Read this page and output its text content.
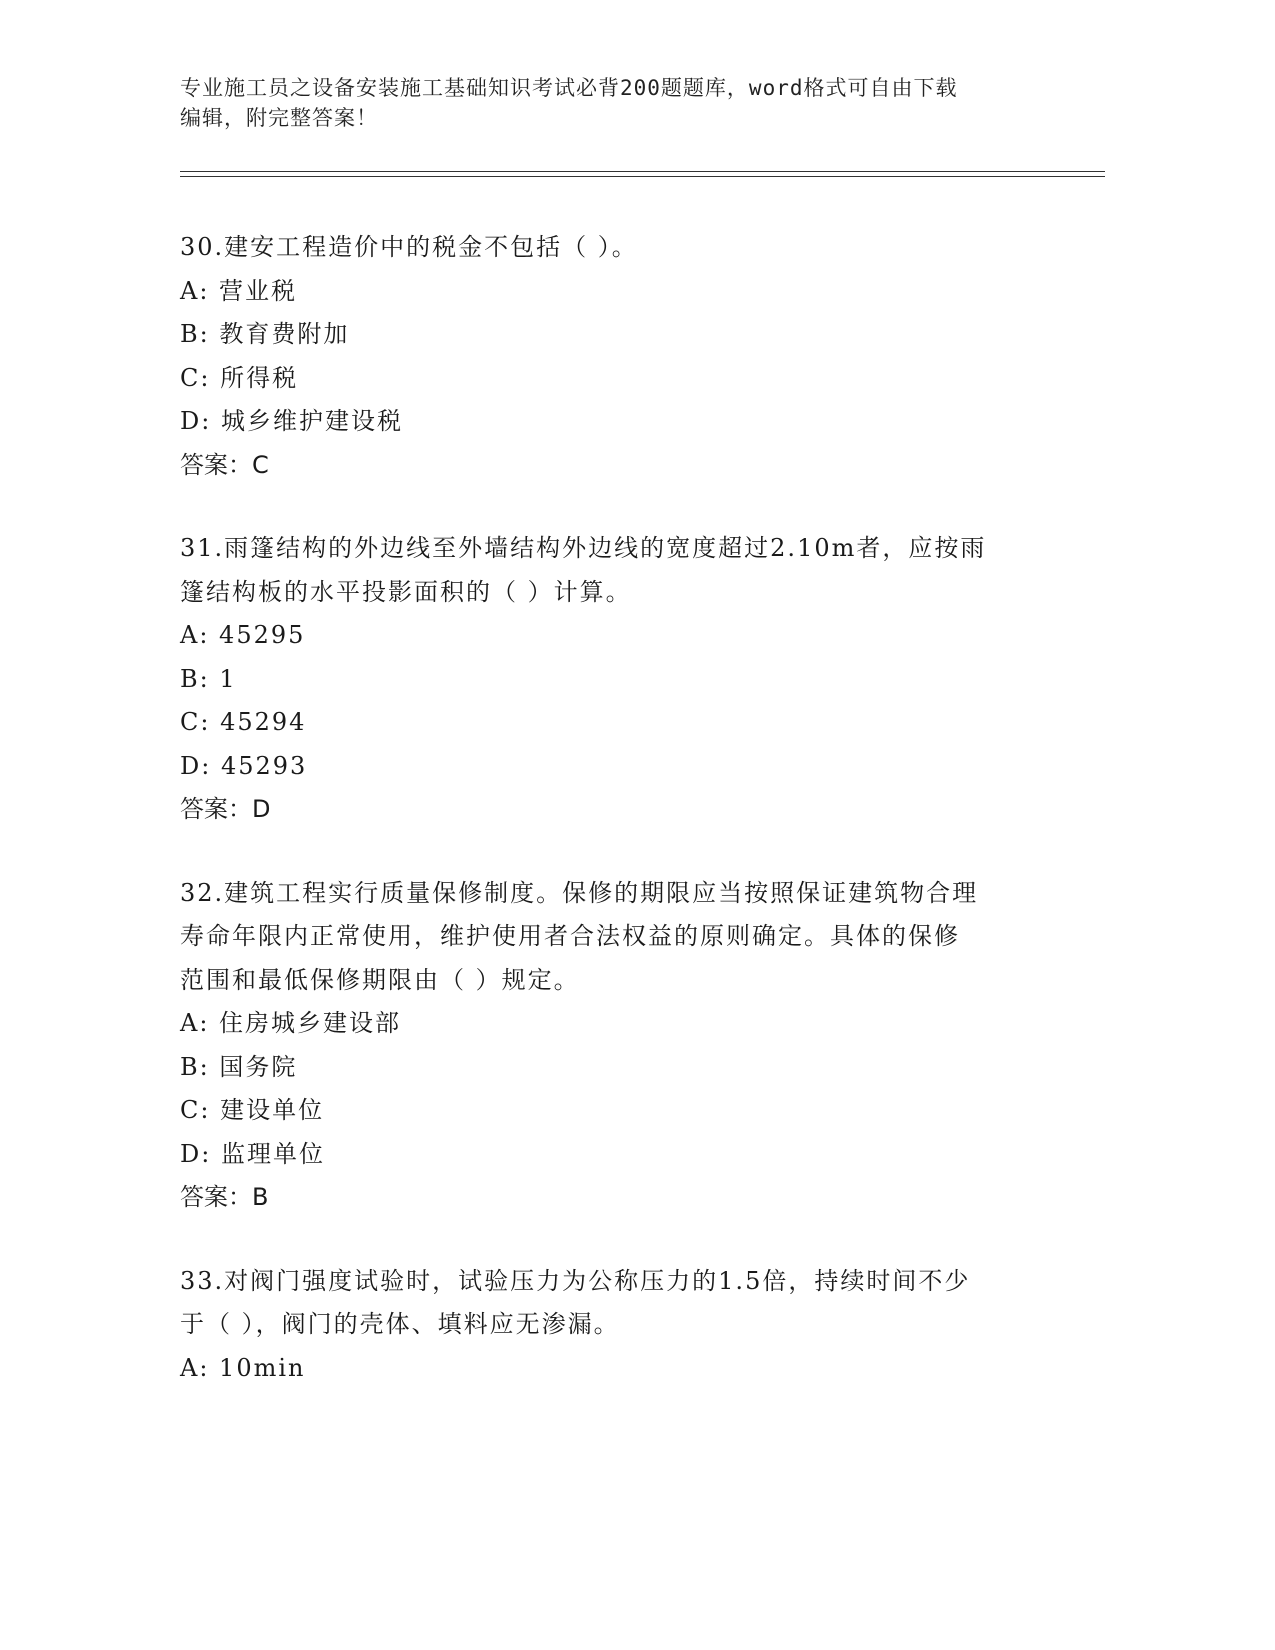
专业施工员之设备安装施工基础知识考试必背200题题库，word格式可自由下载
编辑，附完整答案！

30.建安工程造价中的税金不包括（ ）。

A: 营业税

B: 教育费附加

C: 所得税

D: 城乡维护建设税

答案：C

31.雨篷结构的外边线至外墙结构外边线的宽度超过2.10m者，应按雨

篷结构板的水平投影面积的（ ）计算。

A: 45295

B: 1

C: 45294

D: 45293

答案：D

32.建筑工程实行质量保修制度。保修的期限应当按照保证建筑物合理

寿命年限内正常使用，维护使用者合法权益的原则确定。具体的保修

范围和最低保修期限由（ ）规定。

A: 住房城乡建设部

B: 国务院

C: 建设单位

D: 监理单位

答案：B

33.对阀门强度试验时，试验压力为公称压力的1.5倍，持续时间不少

于（ ），阀门的壳体、填料应无渗漏。

A: 10min
